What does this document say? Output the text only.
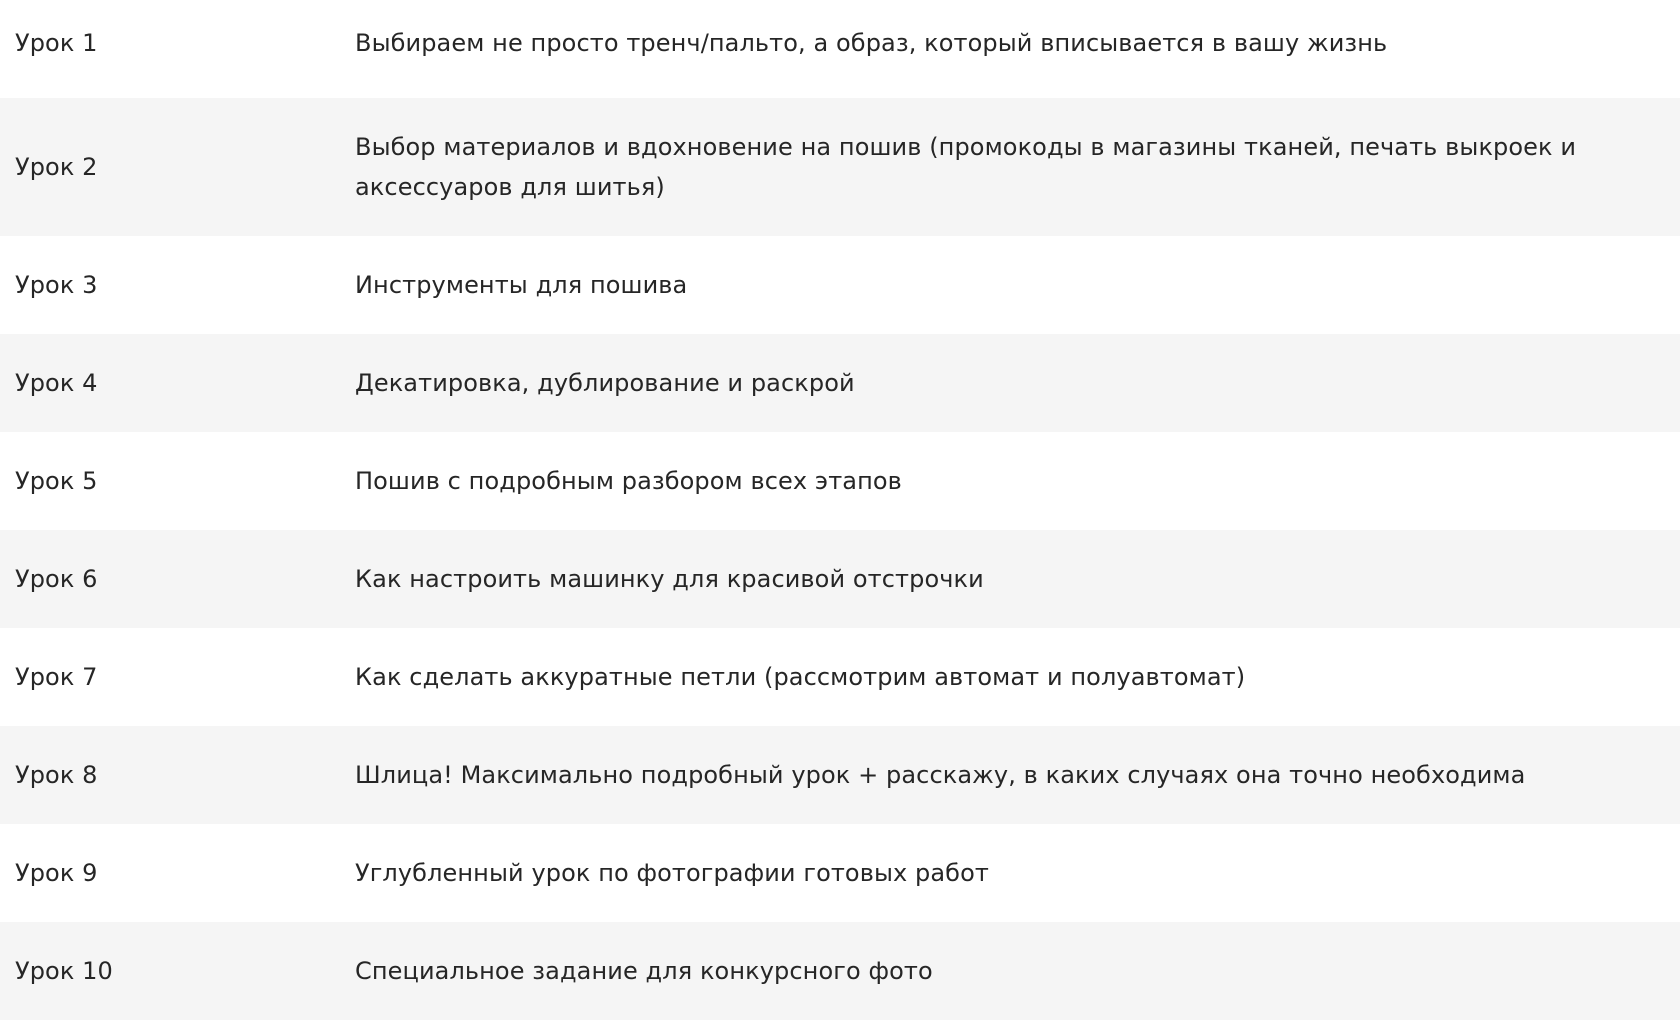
Урок 1	Выбираем не просто тренч/пальто, а образ, который вписывается в вашу жизнь
Урок 2	Выбор материалов и вдохновение на пошив (промокоды в магазины тканей, печать выкроек и аксессуаров для шитья)
Урок 3	Инструменты для пошива
Урок 4	Декатировка, дублирование и раскрой
Урок 5	Пошив с подробным разбором всех этапов
Урок 6	Как настроить машинку для красивой отстрочки
Урок 7	Как сделать аккуратные петли (рассмотрим автомат и полуавтомат)
Урок 8	Шлица! Максимально подробный урок + расскажу, в каких случаях она точно необходима
Урок 9	Углубленный урок по фотографии готовых работ
Урок 10	Специальное задание для конкурсного фото
